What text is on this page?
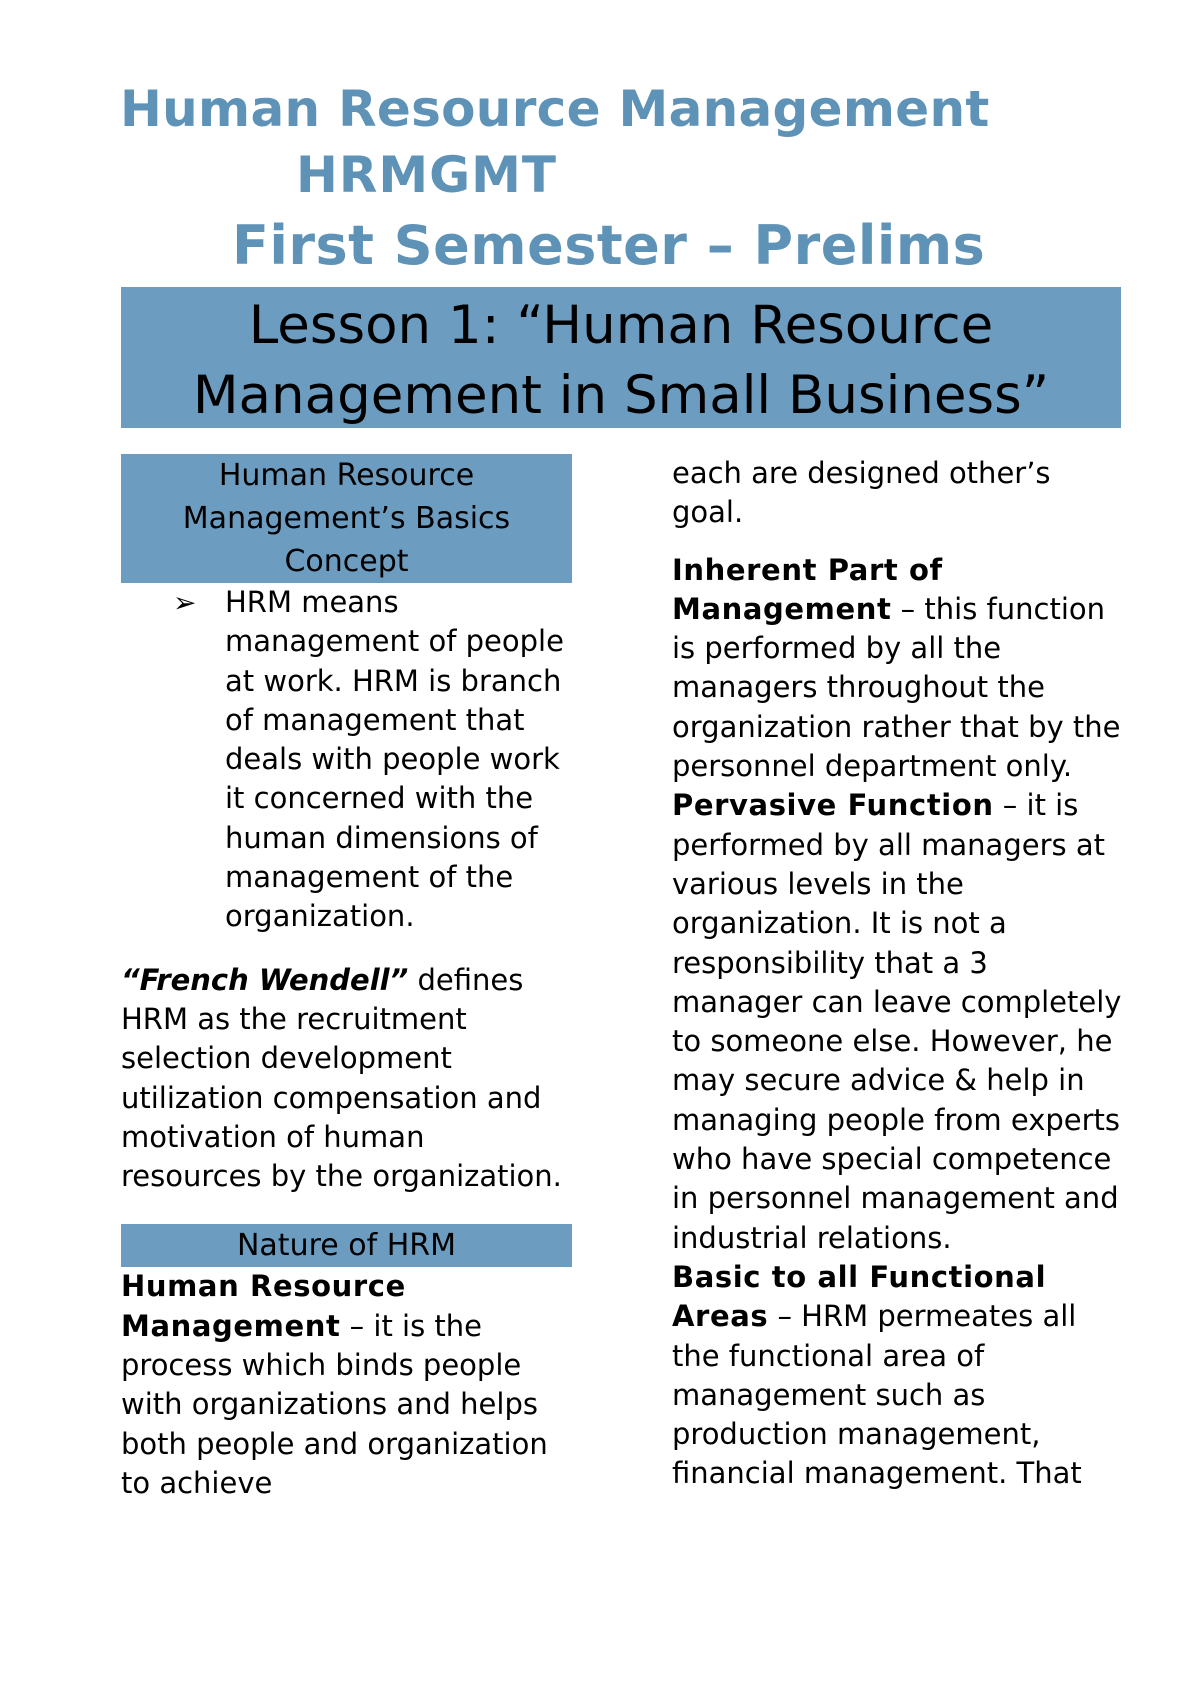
Human Resource Management
HRMGMT
First Semester – Prelims
Lesson 1: “Human Resource
Management in Small Business”
Human Resource
Management’s Basics
Concept
➢ HRM means management of people at work. HRM is branch of management that deals with people work it concerned with the human dimensions of management of the organization.

“French Wendell” defines HRM as the recruitment selection development utilization compensation and motivation of human resources by the organization.

Nature of HRM

Human Resource Management – it is the process which binds people with organizations and helps both people and organization to achieve

each are designed other’s goal.

Inherent Part of Management – this function is performed by all the managers throughout the organization rather that by the personnel department only.

Pervasive Function – it is performed by all managers at various levels in the organization. It is not a responsibility that a 3 manager can leave completely to someone else. However, he may secure advice & help in managing people from experts who have special competence in personnel management and industrial relations.

Basic to all Functional Areas – HRM permeates all the functional area of management such as production management, financial management. That
